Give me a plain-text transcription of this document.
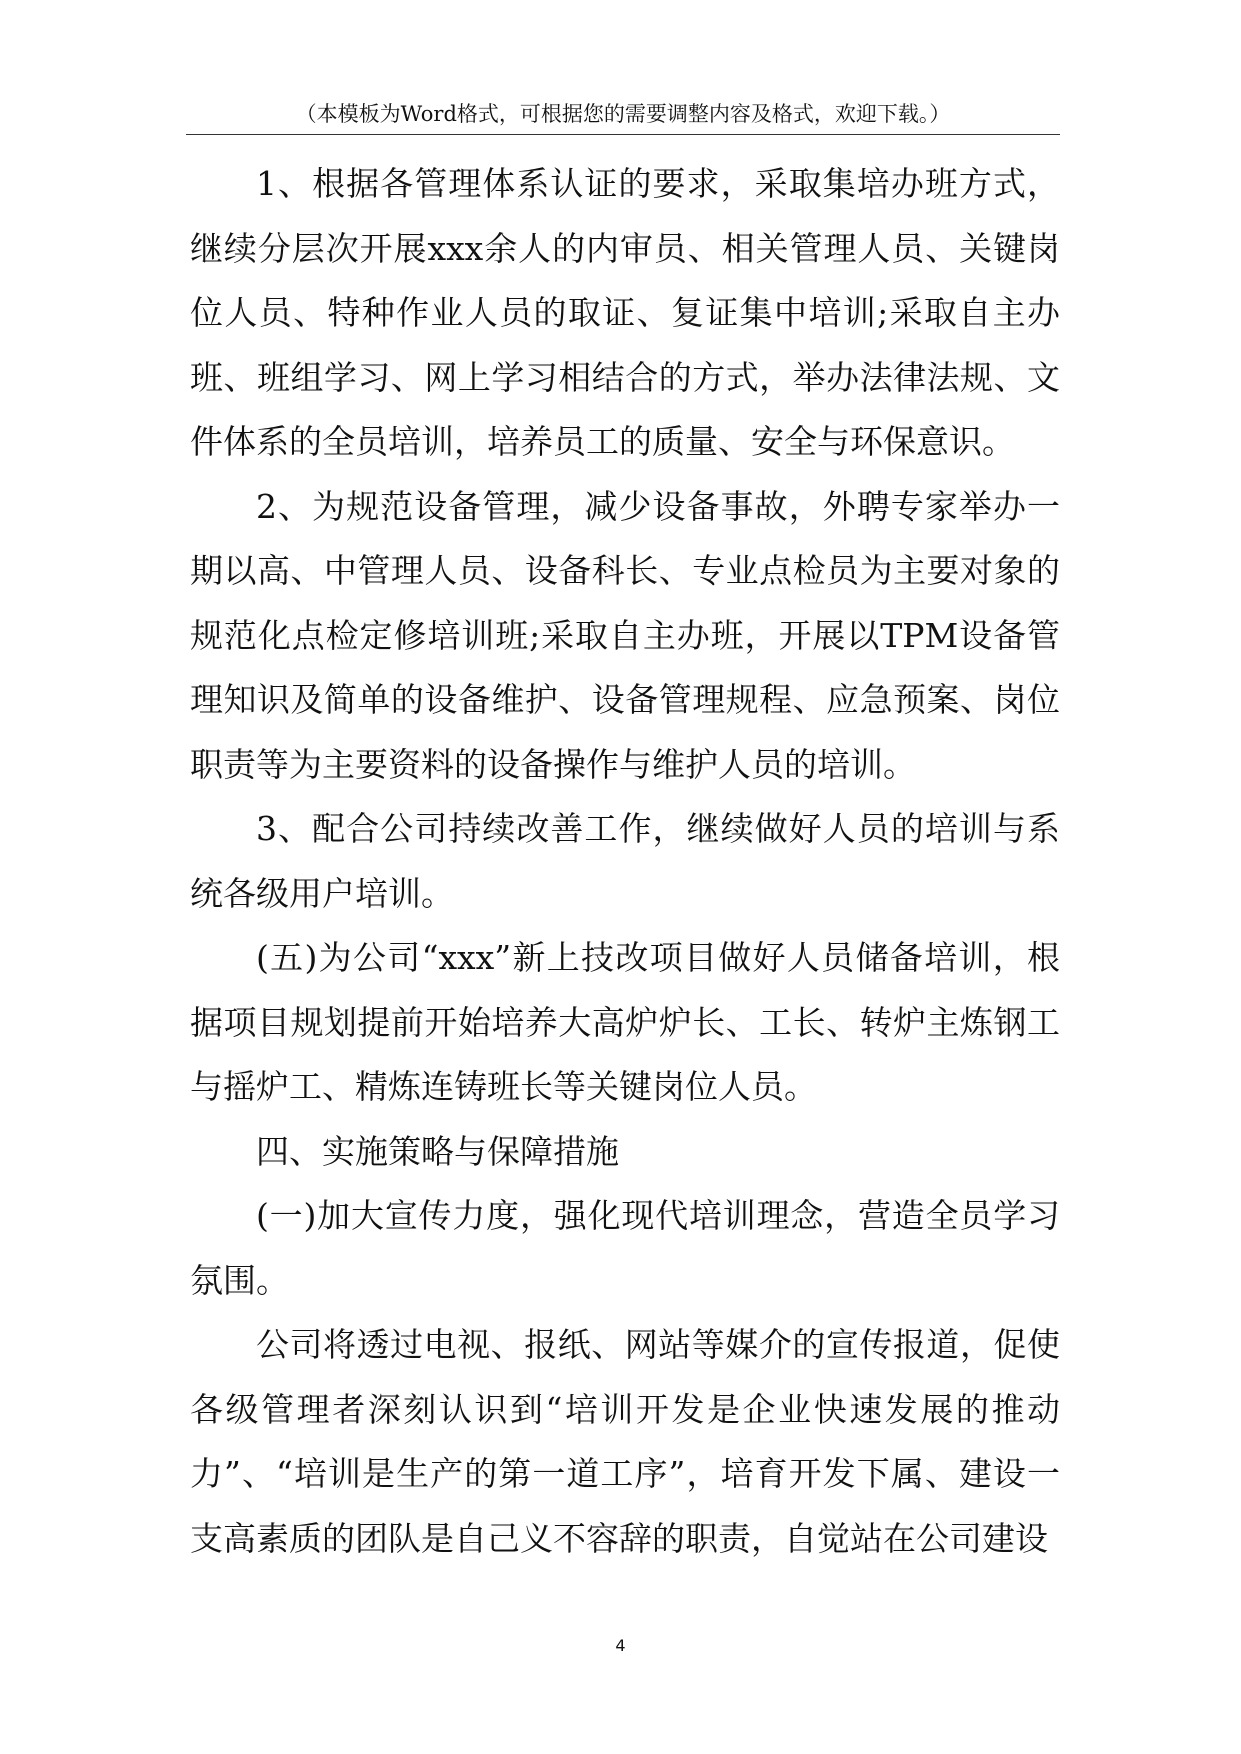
（本模板为Word格式，可根据您的需要调整内容及格式，欢迎下载。）

1、根据各管理体系认证的要求，采取集培办班方式，继续分层次开展xxx余人的内审员、相关管理人员、关键岗位人员、特种作业人员的取证、复证集中培训;采取自主办班、班组学习、网上学习相结合的方式，举办法律法规、文件体系的全员培训，培养员工的质量、安全与环保意识。

2、为规范设备管理，减少设备事故，外聘专家举办一期以高、中管理人员、设备科长、专业点检员为主要对象的规范化点检定修培训班;采取自主办班，开展以TPM设备管理知识及简单的设备维护、设备管理规程、应急预案、岗位职责等为主要资料的设备操作与维护人员的培训。

3、配合公司持续改善工作，继续做好人员的培训与系统各级用户培训。

(五)为公司“xxx”新上技改项目做好人员储备培训，根据项目规划提前开始培养大高炉炉长、工长、转炉主炼钢工与摇炉工、精炼连铸班长等关键岗位人员。

四、实施策略与保障措施

(一)加大宣传力度，强化现代培训理念，营造全员学习氛围。

公司将透过电视、报纸、网站等媒介的宣传报道，促使各级管理者深刻认识到“培训开发是企业快速发展的推动力”、“培训是生产的第一道工序”，培育开发下属、建设一支高素质的团队是自己义不容辞的职责，自觉站在公司建设

4
